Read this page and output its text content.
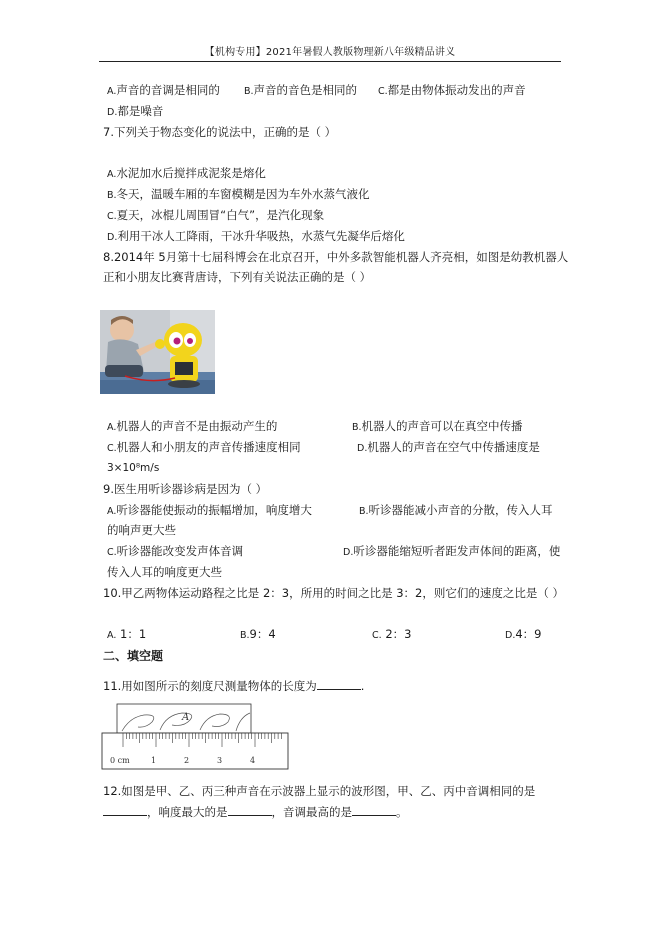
【机构专用】2021年暑假人教版物理新八年级精品讲义
A.声音的音调是相同的	B.声音的音色是相同的 C.都是由物体振动发出的声音
D.都是噪音
7.下列关于物态变化的说法中，正确的是（ ）
A.水泥加水后搅拌成泥浆是熔化
B.冬天，温暖车厢的车窗模糊是因为车外水蒸气液化
C.夏天，冰棍儿周围冒“白气”，是汽化现象
D.利用干冰人工降雨，干冰升华吸热，水蒸气先凝华后熔化
8.2014年 5月第十七届科博会在北京召开，中外多款智能机器人齐亮相，如图是幼教机器人
正和小朋友比赛背唐诗，下列有关说法正确的是（ ）
A.机器人的声音不是由振动产生的	B.机器人的声音可以在真空中传播
C.机器人和小朋友的声音传播速度相同	D.机器人的声音在空气中传播速度是
3×10⁸m/s
9.医生用听诊器诊病是因为（ ）
A.听诊器能使振动的振幅增加，响度增大	B.听诊器能减小声音的分散，传入人耳
的响声更大些
C.听诊器能改变发声体音调	D.听诊器能缩短听者距发声体间的距离，使
传入人耳的响度更大些
10.甲乙两物体运动路程之比是 2：3，所用的时间之比是 3：2，则它们的速度之比是（ ）
A. 1：1	B.9：4	C. 2：3	D.4：9
二、填空题
11.用如图所示的刻度尺测量物体的长度为	.
A
0 cm	1	2	3	4
12.如图是甲、乙、丙三种声音在示波器上显示的波形图，甲、乙、丙中音调相同的是
，响度最大的是	，音调最高的是	。
